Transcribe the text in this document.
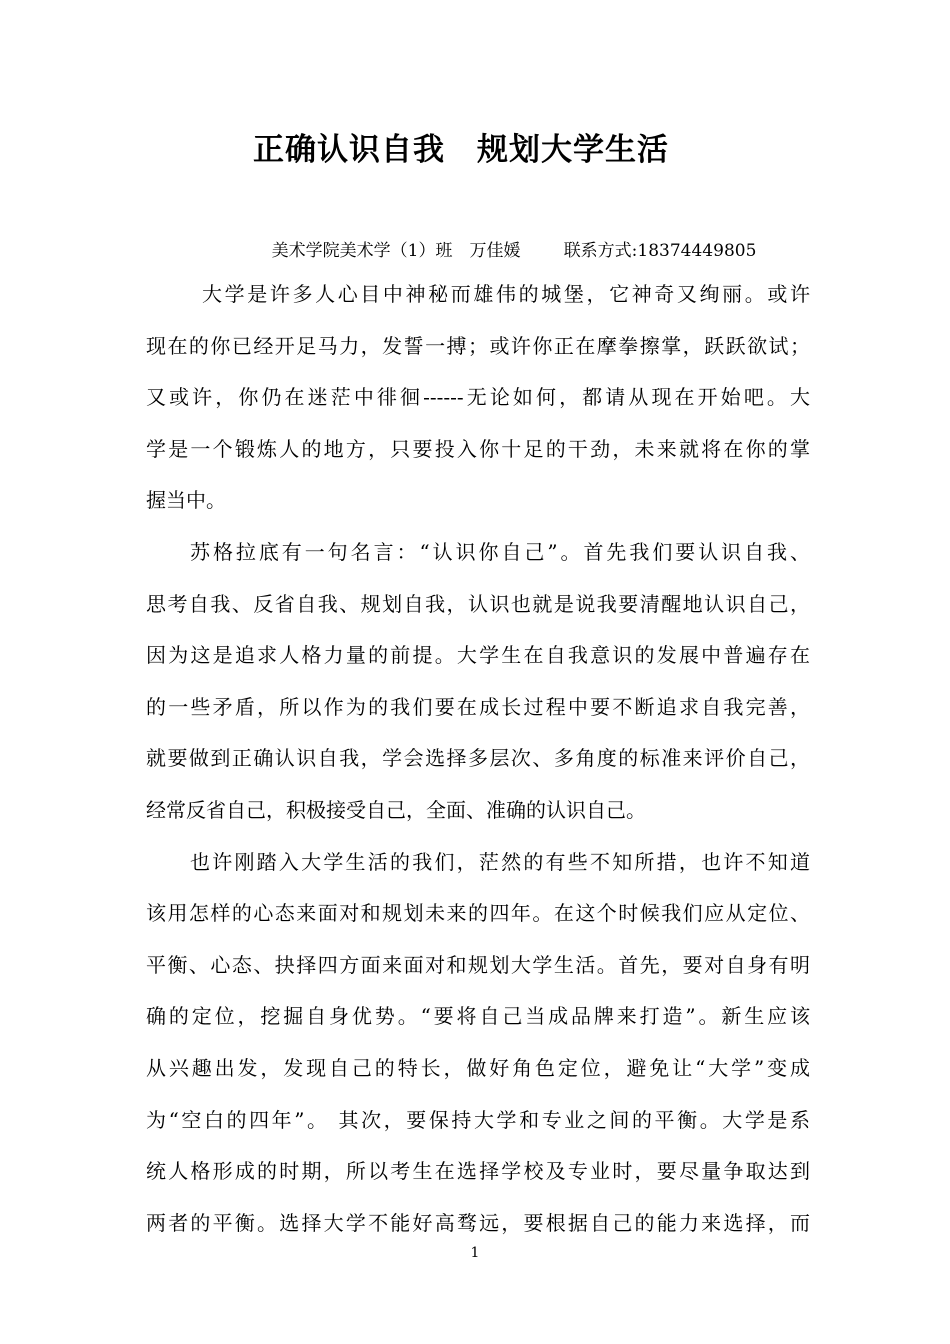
正确认识自我　规划大学生活

美术学院美术学（1）班　万佳媛	联系方式:18374449805

大学是许多人心目中神秘而雄伟的城堡，它神奇又绚丽。或许
现在的你已经开足马力，发誓一搏；或许你正在摩拳擦掌，跃跃欲试；
又或许，你仍在迷茫中徘徊------无论如何，都请从现在开始吧。大
学是一个锻炼人的地方，只要投入你十足的干劲，未来就将在你的掌
握当中。
苏格拉底有一句名言：“认识你自己”。首先我们要认识自我、
思考自我、反省自我、规划自我，认识也就是说我要清醒地认识自己，
因为这是追求人格力量的前提。大学生在自我意识的发展中普遍存在
的一些矛盾，所以作为的我们要在成长过程中要不断追求自我完善，
就要做到正确认识自我，学会选择多层次、多角度的标准来评价自己，
经常反省自己，积极接受自己，全面、准确的认识自己。
也许刚踏入大学生活的我们，茫然的有些不知所措，也许不知道
该用怎样的心态来面对和规划未来的四年。在这个时候我们应从定位、
平衡、心态、抉择四方面来面对和规划大学生活。首先，要对自身有明
确的定位，挖掘自身优势。“要将自己当成品牌来打造”。新生应该
从兴趣出发，发现自己的特长，做好角色定位，避免让“大学”变成
为“空白的四年”。 其次，要保持大学和专业之间的平衡。大学是系
统人格形成的时期，所以考生在选择学校及专业时，要尽量争取达到
两者的平衡。选择大学不能好高骛远，要根据自己的能力来选择，而
1
